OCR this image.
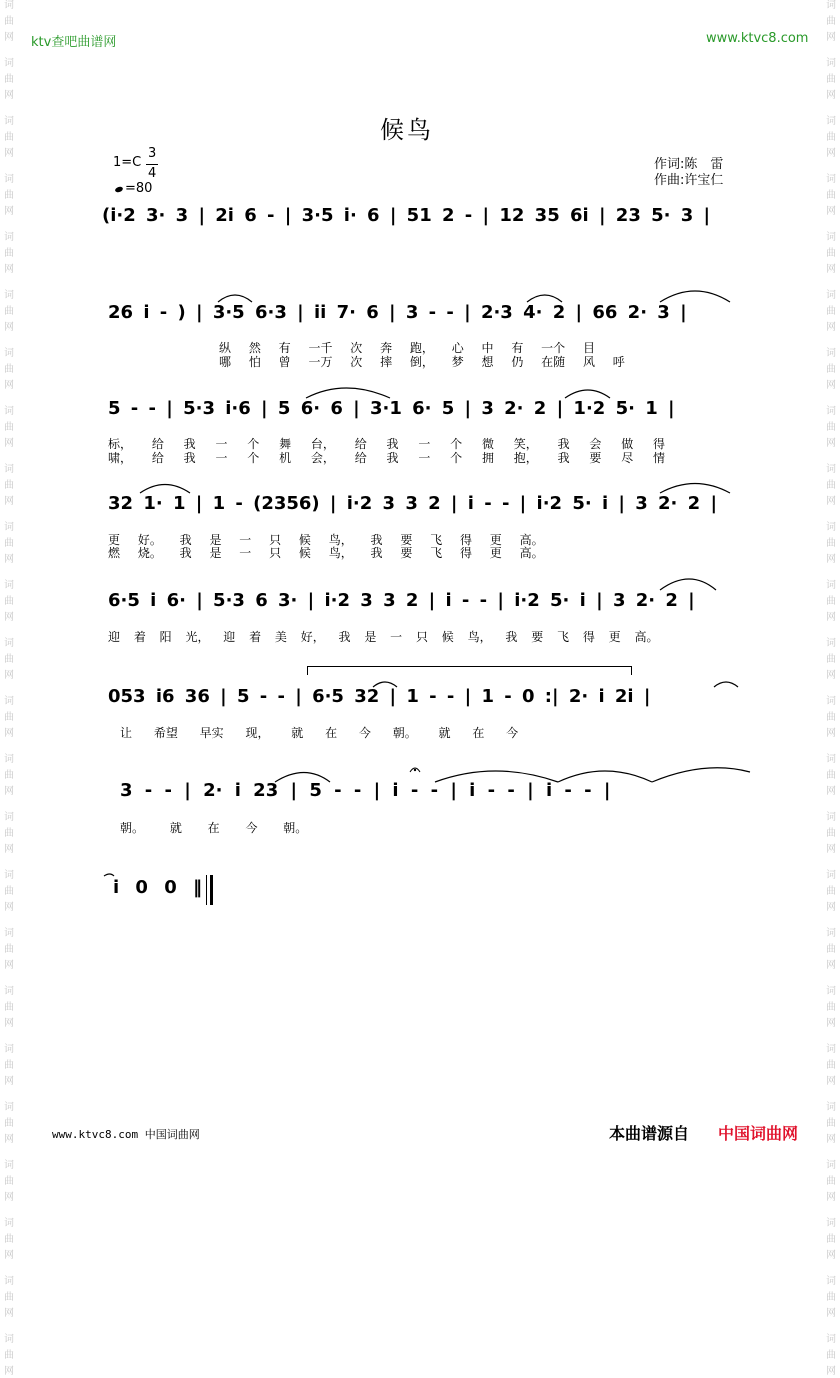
词
曲
网
词
曲
网
词
曲
网
词
曲
网
词
曲
网
词
曲
网
词
曲
网
词
曲
网
词
曲
网
词
曲
网
词
曲
网
词
曲
网
词
曲
网
词
曲
网
词
曲
网
词
曲
网
词
曲
网
词
曲
网
词
曲
网
词
曲
网
词
曲
网
词
曲
网
词
曲
网
词
曲
网
词
曲
网
词
曲
网
词
曲
网
词
曲
网
词
曲
网
词
曲
网
词
曲
网
词
曲
网
词
曲
网
词
曲
网
词
曲
网
词
曲
网
词
曲
网
词
曲
网
词
曲
网
词
曲
网
词
曲
网
词
曲
网
词
曲
网
词
曲
网
词
曲
网
词
曲
网
词
曲
网
词
曲
网
ktv查吧曲谱网	www.ktvc8.com
候鸟
1=C
3
4
=80
作词:陈　雷
作曲:许宝仁
(i·2 3· 3 | 2i 6 - | 3·5 i· 6 | 51 2 - | 12 35 6i | 23 5· 3 |
26 i - ) | 3·5 6·3 | ii 7· 6 | 3 - - | 2·3 4· 2 | 66 2· 3 |
纵 然 有 一千 次 奔 跑， 心 中 有 一个 目
哪 怕 曾 一万 次 摔 倒， 梦 想 仍 在随 风 呼
5 - - | 5·3 i·6 | 5 6· 6 | 3·1 6· 5 | 3 2· 2 | 1·2 5· 1 |
标， 给 我 一 个 舞 台， 给 我 一 个 微 笑， 我 会 做 得
啸， 给 我 一 个 机 会， 给 我 一 个 拥 抱， 我 要 尽 情
32 1· 1 | 1 - (2356) | i·2 3 3 2 | i - - | i·2 5· i | 3 2· 2 |
更 好。 我 是 一 只 候 鸟， 我 要 飞 得 更 高。
燃 烧。 我 是 一 只 候 鸟， 我 要 飞 得 更 高。
6·5 i 6· | 5·3 6 3· | i·2 3 3 2 | i - - | i·2 5· i | 3 2· 2 |
迎 着 阳 光， 迎 着 美 好， 我 是 一 只 候 鸟， 我 要 飞 得 更 高。
053 i6 36 | 5 - - | 6·5 32 | 1 - - | 1 - 0 :| 2· i 2i |
让 希望 早实 现， 就 在 今 朝。 就 在 今
3 - - | 2· i 23 | 5 - - | i - - | i - - | i - - |
朝。 就 在 今 朝。
i 0 0 ‖
www.ktvc8.com 中国词曲网	本曲谱源自 中国词曲网
